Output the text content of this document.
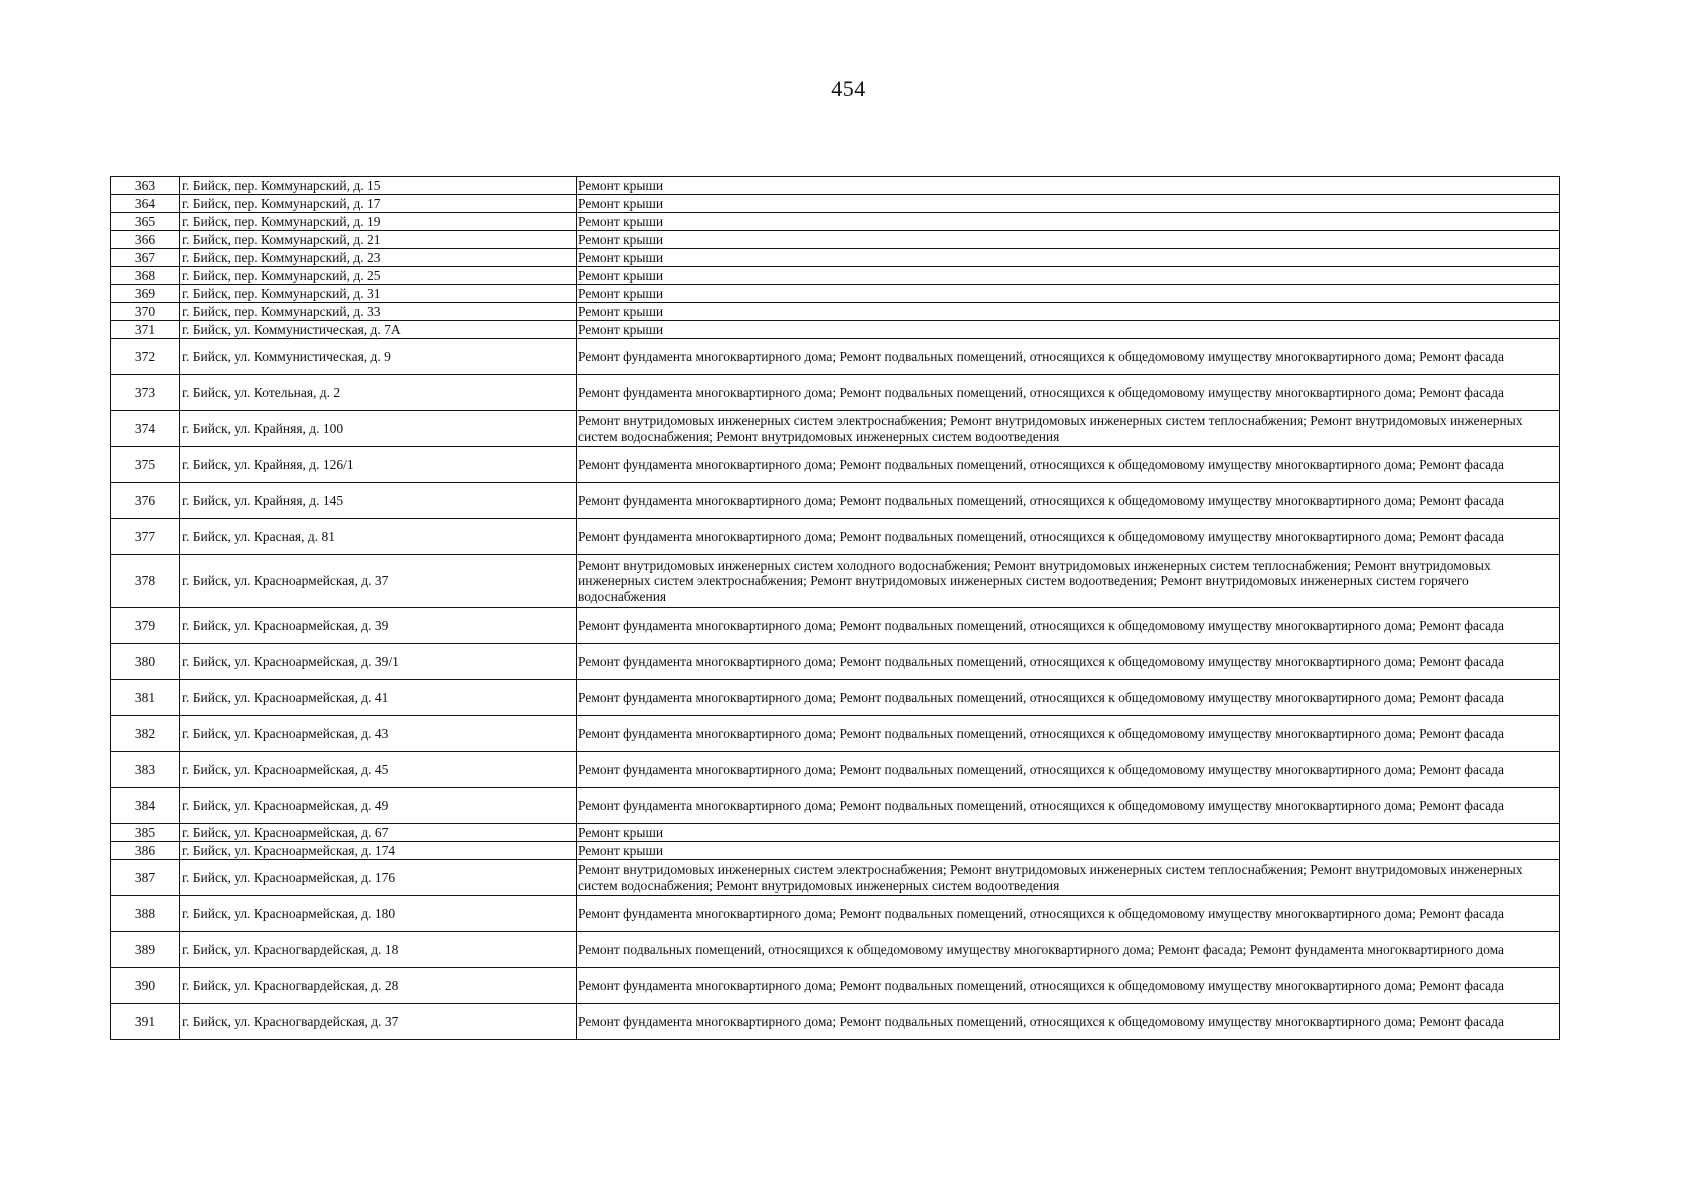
454
363	г. Бийск, пер. Коммунарский, д. 15	Ремонт крыши
364	г. Бийск, пер. Коммунарский, д. 17	Ремонт крыши
365	г. Бийск, пер. Коммунарский, д. 19	Ремонт крыши
366	г. Бийск, пер. Коммунарский, д. 21	Ремонт крыши
367	г. Бийск, пер. Коммунарский, д. 23	Ремонт крыши
368	г. Бийск, пер. Коммунарский, д. 25	Ремонт крыши
369	г. Бийск, пер. Коммунарский, д. 31	Ремонт крыши
370	г. Бийск, пер. Коммунарский, д. 33	Ремонт крыши
371	г. Бийск, ул. Коммунистическая, д. 7А	Ремонт крыши
372	г. Бийск, ул. Коммунистическая, д. 9	Ремонт фундамента многоквартирного дома; Ремонт подвальных помещений, относящихся к общедомовому имуществу многоквартирного дома; Ремонт фасада
373	г. Бийск, ул. Котельная, д. 2	Ремонт фундамента многоквартирного дома; Ремонт подвальных помещений, относящихся к общедомовому имуществу многоквартирного дома; Ремонт фасада
374	г. Бийск, ул. Крайняя, д. 100	Ремонт внутридомовых инженерных систем электроснабжения; Ремонт внутридомовых инженерных систем теплоснабжения; Ремонт внутридомовых инженерных систем водоснабжения; Ремонт внутридомовых инженерных систем водоотведения
375	г. Бийск, ул. Крайняя, д. 126/1	Ремонт фундамента многоквартирного дома; Ремонт подвальных помещений, относящихся к общедомовому имуществу многоквартирного дома; Ремонт фасада
376	г. Бийск, ул. Крайняя, д. 145	Ремонт фундамента многоквартирного дома; Ремонт подвальных помещений, относящихся к общедомовому имуществу многоквартирного дома; Ремонт фасада
377	г. Бийск, ул. Красная, д. 81	Ремонт фундамента многоквартирного дома; Ремонт подвальных помещений, относящихся к общедомовому имуществу многоквартирного дома; Ремонт фасада
378	г. Бийск, ул. Красноармейская, д. 37	Ремонт внутридомовых инженерных систем холодного водоснабжения; Ремонт внутридомовых инженерных систем теплоснабжения; Ремонт внутридомовых инженерных систем электроснабжения; Ремонт внутридомовых инженерных систем водоотведения; Ремонт внутридомовых инженерных систем горячего водоснабжения
379	г. Бийск, ул. Красноармейская, д. 39	Ремонт фундамента многоквартирного дома; Ремонт подвальных помещений, относящихся к общедомовому имуществу многоквартирного дома; Ремонт фасада
380	г. Бийск, ул. Красноармейская, д. 39/1	Ремонт фундамента многоквартирного дома; Ремонт подвальных помещений, относящихся к общедомовому имуществу многоквартирного дома; Ремонт фасада
381	г. Бийск, ул. Красноармейская, д. 41	Ремонт фундамента многоквартирного дома; Ремонт подвальных помещений, относящихся к общедомовому имуществу многоквартирного дома; Ремонт фасада
382	г. Бийск, ул. Красноармейская, д. 43	Ремонт фундамента многоквартирного дома; Ремонт подвальных помещений, относящихся к общедомовому имуществу многоквартирного дома; Ремонт фасада
383	г. Бийск, ул. Красноармейская, д. 45	Ремонт фундамента многоквартирного дома; Ремонт подвальных помещений, относящихся к общедомовому имуществу многоквартирного дома; Ремонт фасада
384	г. Бийск, ул. Красноармейская, д. 49	Ремонт фундамента многоквартирного дома; Ремонт подвальных помещений, относящихся к общедомовому имуществу многоквартирного дома; Ремонт фасада
385	г. Бийск, ул. Красноармейская, д. 67	Ремонт крыши
386	г. Бийск, ул. Красноармейская, д. 174	Ремонт крыши
387	г. Бийск, ул. Красноармейская, д. 176	Ремонт внутридомовых инженерных систем электроснабжения; Ремонт внутридомовых инженерных систем теплоснабжения; Ремонт внутридомовых инженерных систем водоснабжения; Ремонт внутридомовых инженерных систем водоотведения
388	г. Бийск, ул. Красноармейская, д. 180	Ремонт фундамента многоквартирного дома; Ремонт подвальных помещений, относящихся к общедомовому имуществу многоквартирного дома; Ремонт фасада
389	г. Бийск, ул. Красногвардейская, д. 18	Ремонт подвальных помещений, относящихся к общедомовому имуществу многоквартирного дома; Ремонт фасада; Ремонт фундамента многоквартирного дома
390	г. Бийск, ул. Красногвардейская, д. 28	Ремонт фундамента многоквартирного дома; Ремонт подвальных помещений, относящихся к общедомовому имуществу многоквартирного дома; Ремонт фасада
391	г. Бийск, ул. Красногвардейская, д. 37	Ремонт фундамента многоквартирного дома; Ремонт подвальных помещений, относящихся к общедомовому имуществу многоквартирного дома; Ремонт фасада
